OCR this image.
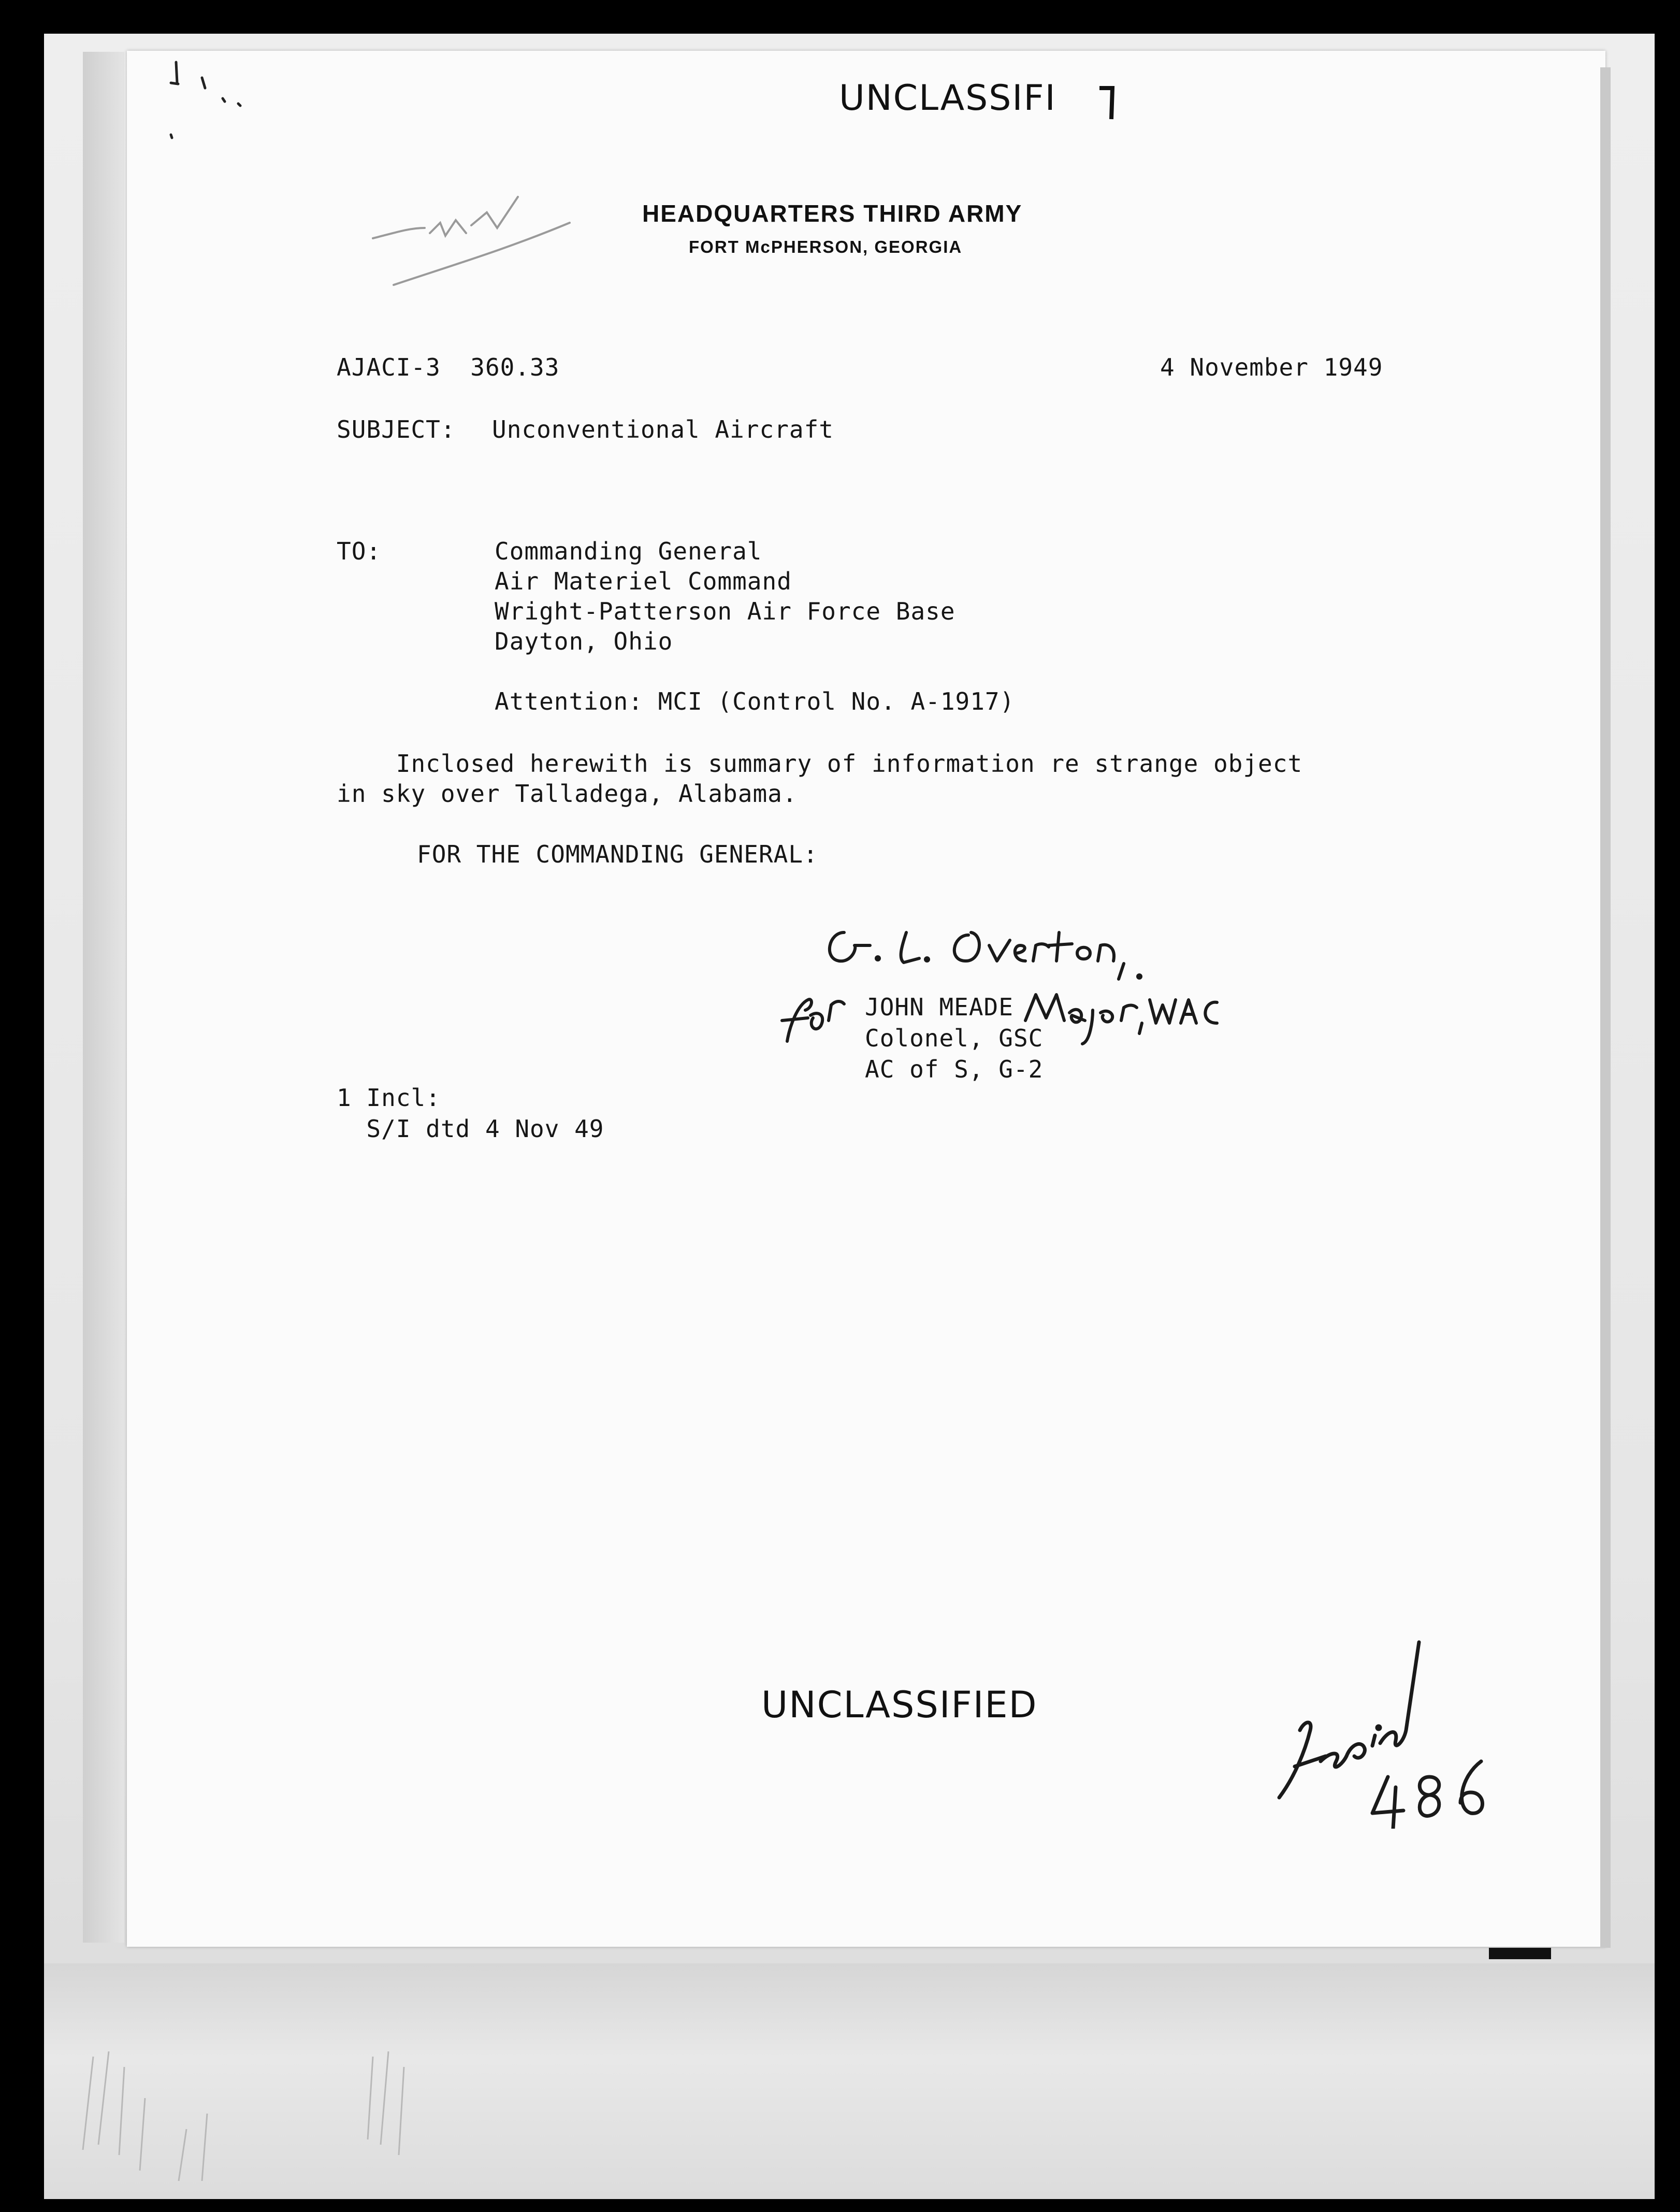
UNCLASSIFI
HEADQUARTERS THIRD ARMY
FORT McPHERSON, GEORGIA
AJACI-3  360.33	4 November 1949
SUBJECT: Unconventional Aircraft
TO:	Commanding General
Air Materiel Command
Wright-Patterson Air Force Base
Dayton, Ohio
Attention: MCI (Control No. A-1917)
Inclosed herewith is summary of information re strange object
in sky over Talladega, Alabama.
FOR THE COMMANDING GENERAL:
JOHN MEADE
Colonel, GSC
AC of S, G-2
1 Incl:
S/I dtd 4 Nov 49
UNCLASSIFIED
